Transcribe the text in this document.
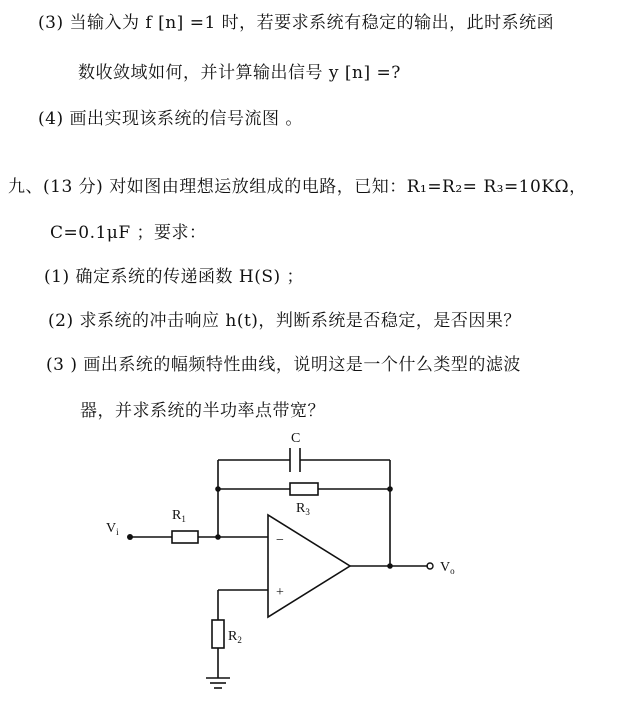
(3) 当输入为 f [n] =1 时，若要求系统有稳定的输出，此时系统函
数收敛域如何，并计算输出信号 y [n] =?
(4) 画出实现该系统的信号流图 。
九、(13 分) 对如图由理想运放组成的电路，已知：R₁=R₂= R₃=10KΩ，
C=0.1μF ；要求：
(1) 确定系统的传递函数 H(S) ；
(2) 求系统的冲击响应 h(t)，判断系统是否稳定，是否因果？
(3 ) 画出系统的幅频特性曲线，说明这是一个什么类型的滤波
器，并求系统的半功率点带宽？
C
$R_3$
$R_1$
$R_2$
$V_i$
$V_o$
−
+
